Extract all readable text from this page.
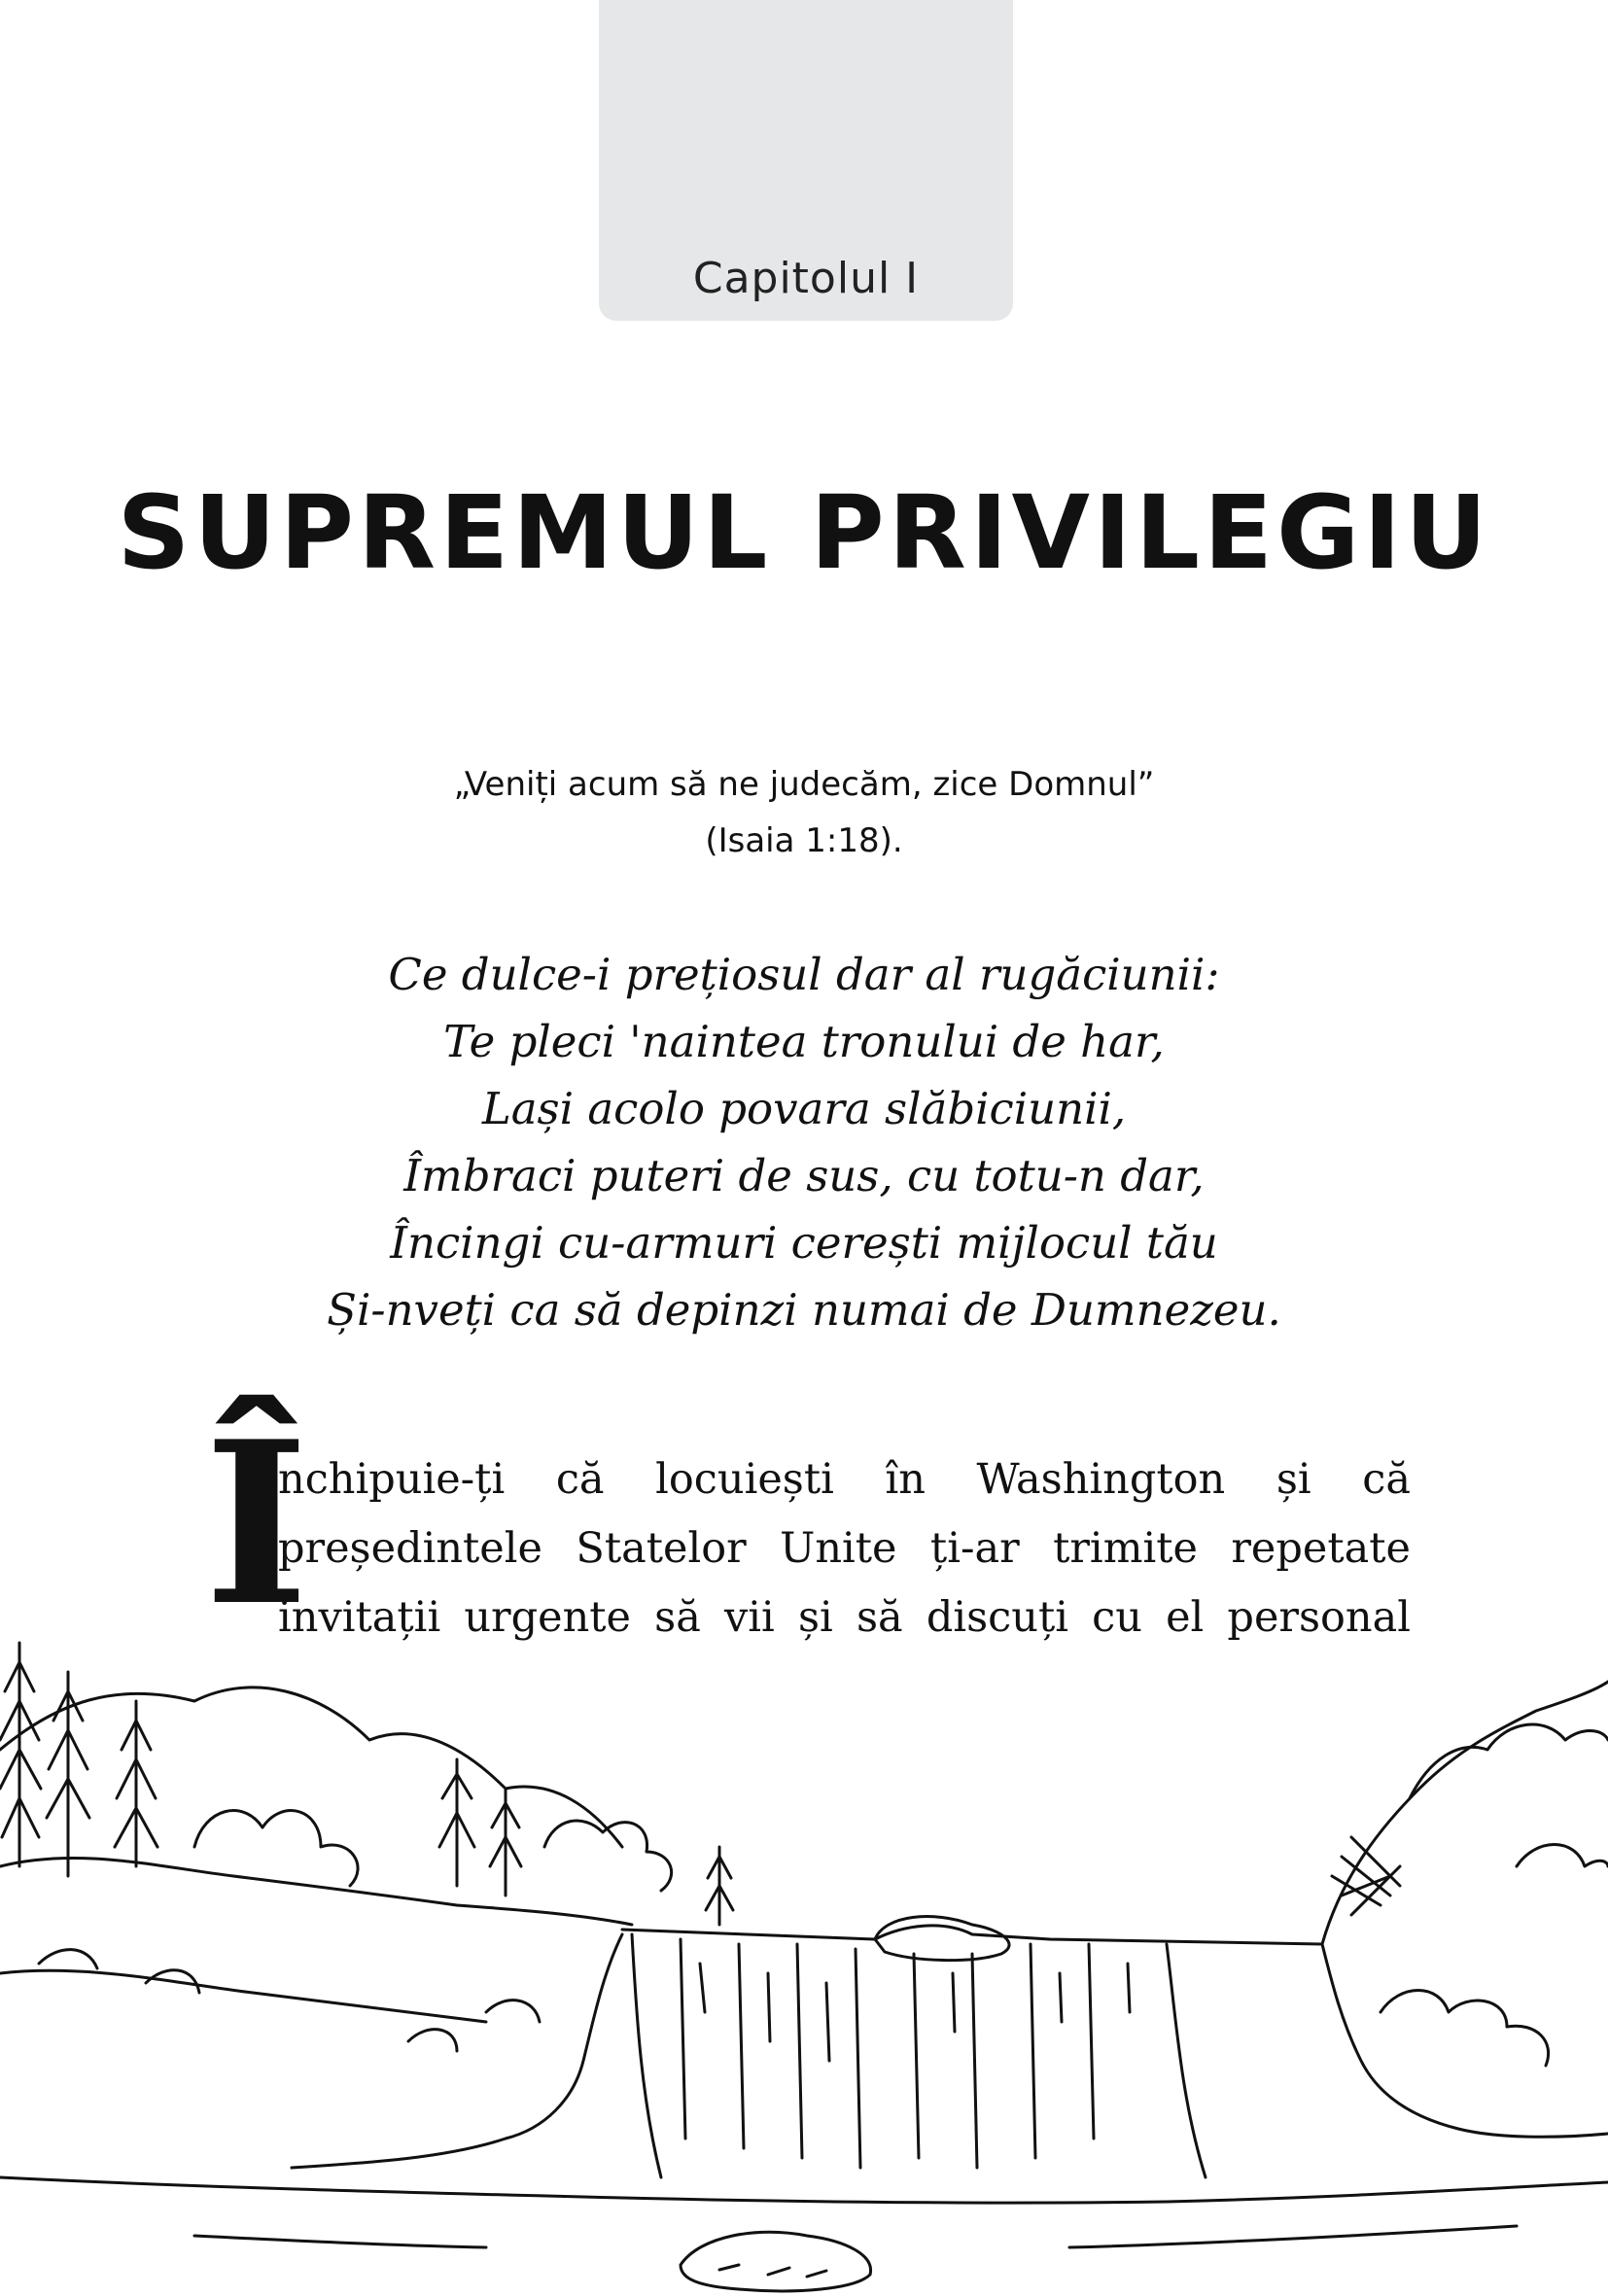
Capitolul I
SUPREMUL PRIVILEGIU
„Veniți acum să ne judecăm, zice Domnul”
(Isaia 1:18).
Ce dulce-i prețiosul dar al rugăciunii:
Te pleci 'naintea tronului de har,
Lași acolo povara slăbiciunii,
Îmbraci puteri de sus, cu totu-n dar,
Încingi cu-armuri cerești mijlocul tău
Și-nveți ca să depinzi numai de Dumnezeu.
Î
nchipuie-ți că locuiești în Washington și că
președintele Statelor Unite ți-ar trimite repetate
invitații urgente să vii și să discuți cu el personal
